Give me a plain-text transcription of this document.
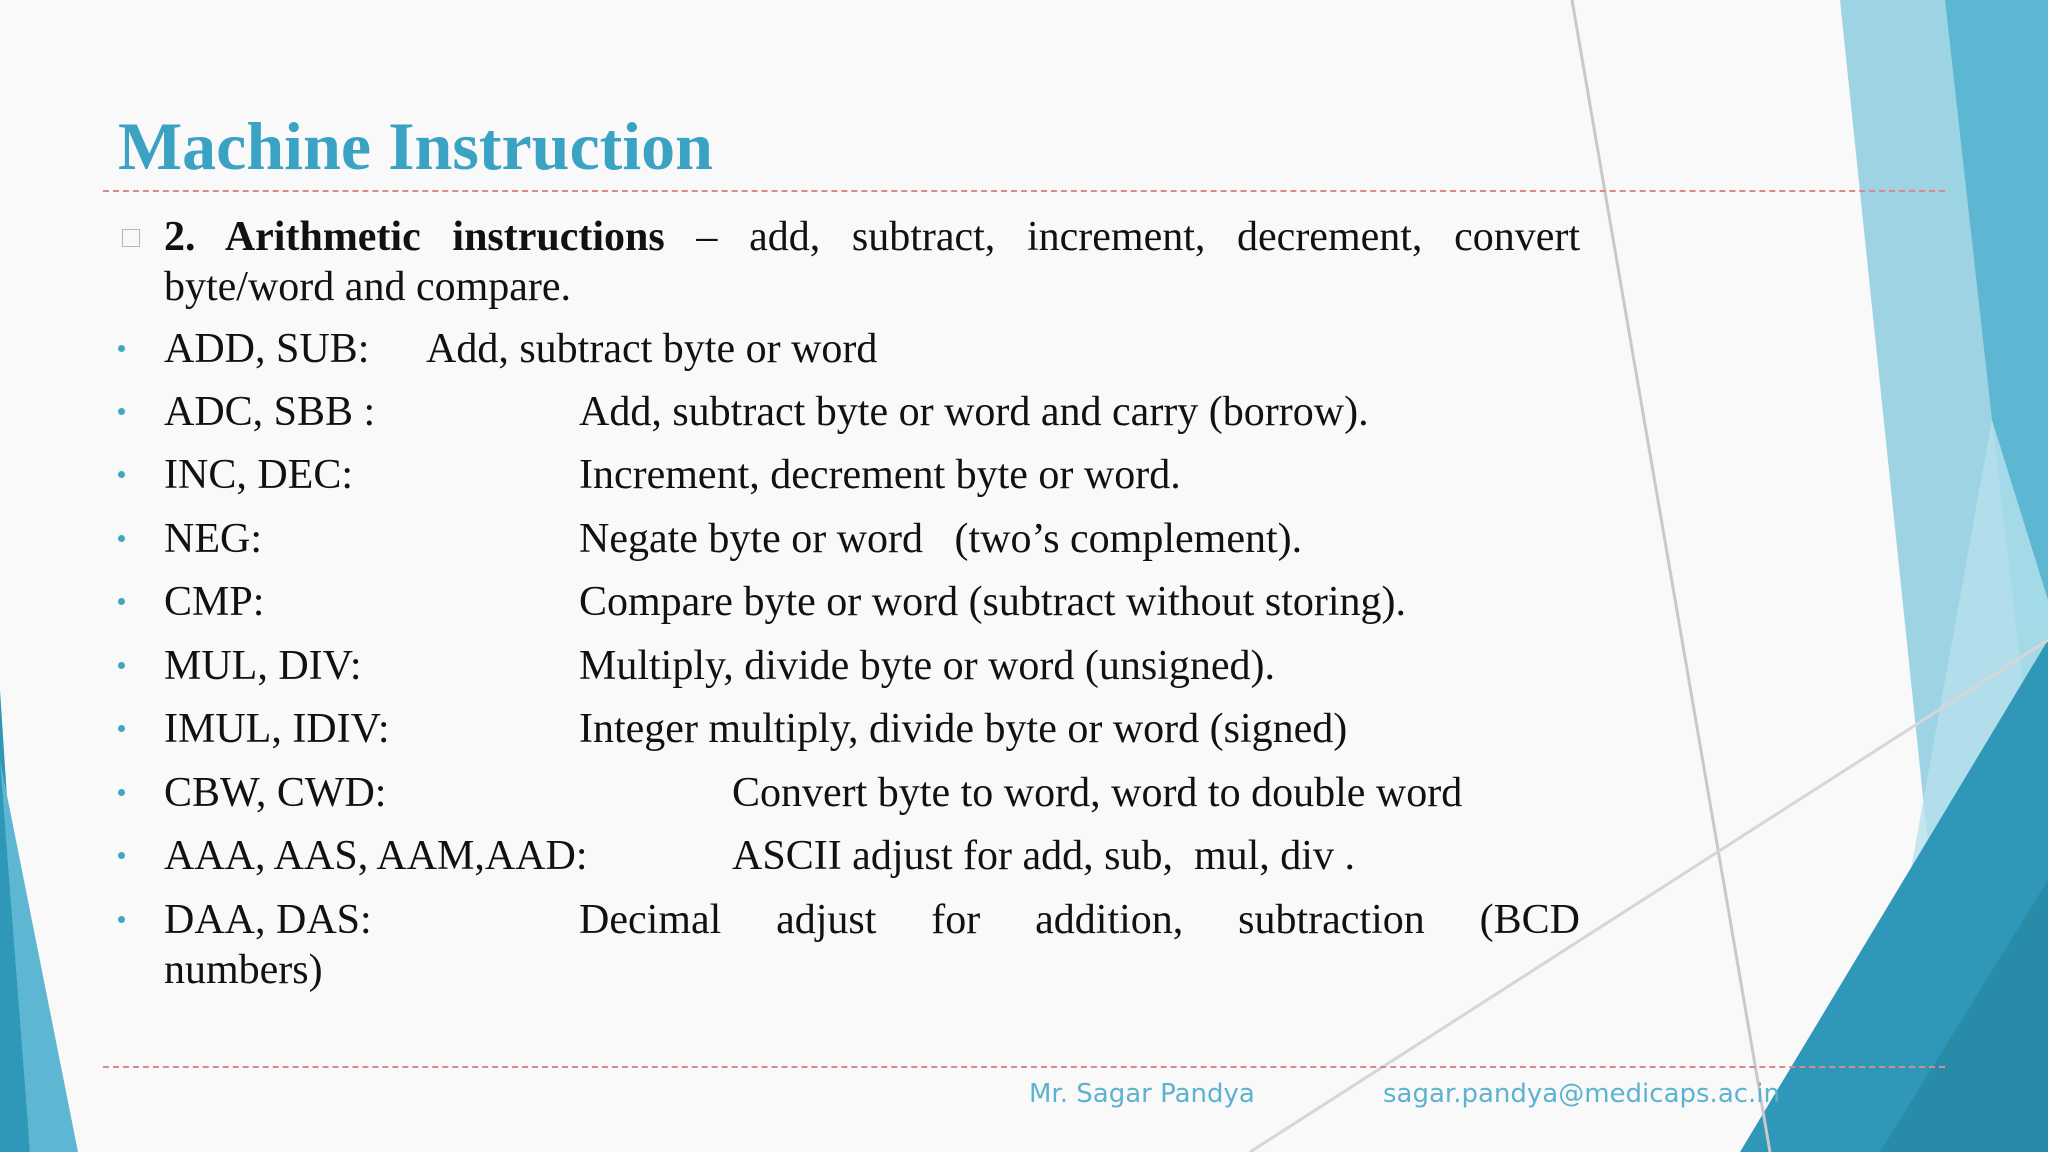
Machine Instruction
2. Arithmetic instructions – add, subtract, increment, decrement, convert byte/word and compare.
ADD, SUB: Add, subtract byte or word
ADC, SBB :	Add, subtract byte or word and carry (borrow).
INC, DEC:	Increment, decrement byte or word.
NEG:	Negate byte or word   (two’s complement).
CMP:	Compare byte or word (subtract without storing).
MUL, DIV:	Multiply, divide byte or word (unsigned).
IMUL, IDIV:	Integer multiply, divide byte or word (signed)
CBW, CWD:	Convert byte to word, word to double word
AAA, AAS, AAM,AAD:	ASCII adjust for add, sub,  mul, div .
DAA, DAS:	Decimal adjust for addition, subtraction (BCD
numbers)
Mr. Sagar Pandya	sagar.pandya@medicaps.ac.in
